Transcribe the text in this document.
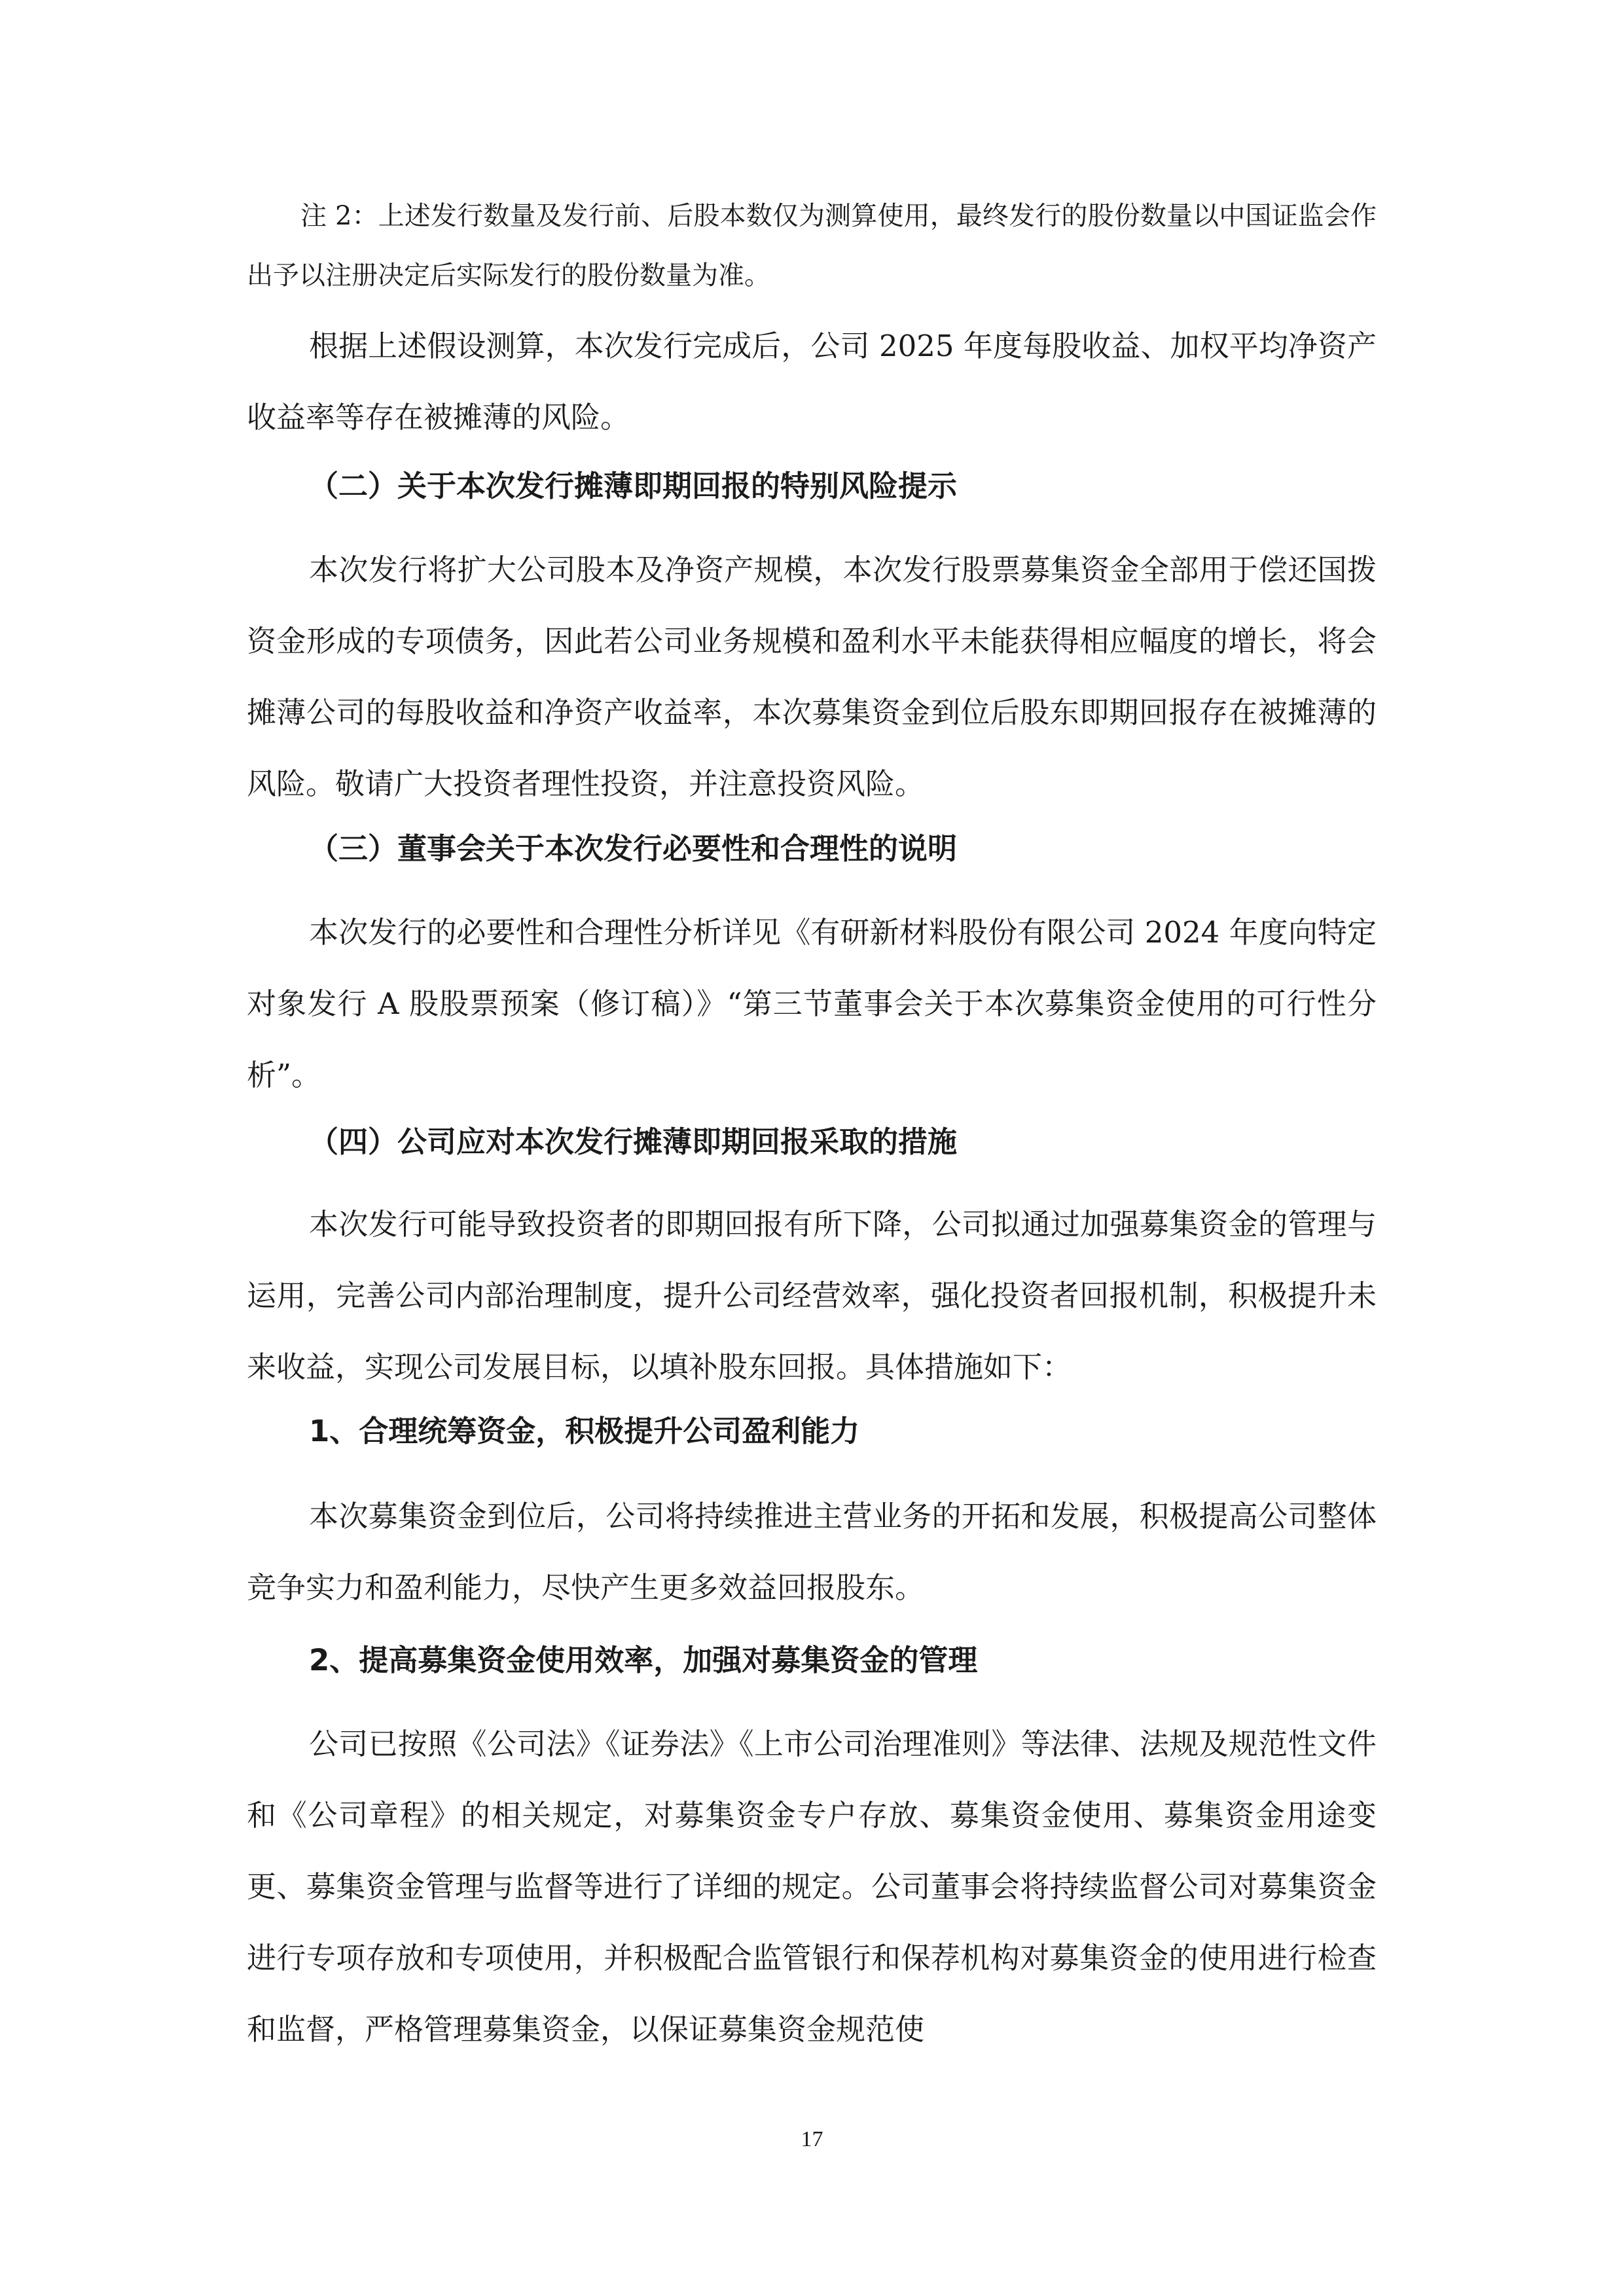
注 2：上述发行数量及发行前、后股本数仅为测算使用，最终发行的股份数量以中国证监会作出予以注册决定后实际发行的股份数量为准。
根据上述假设测算，本次发行完成后，公司 2025 年度每股收益、加权平均净资产收益率等存在被摊薄的风险。
（二）关于本次发行摊薄即期回报的特别风险提示
本次发行将扩大公司股本及净资产规模，本次发行股票募集资金全部用于偿还国拨资金形成的专项债务，因此若公司业务规模和盈利水平未能获得相应幅度的增长，将会摊薄公司的每股收益和净资产收益率，本次募集资金到位后股东即期回报存在被摊薄的风险。敬请广大投资者理性投资，并注意投资风险。
（三）董事会关于本次发行必要性和合理性的说明
本次发行的必要性和合理性分析详见《有研新材料股份有限公司 2024 年度向特定对象发行 A 股股票预案（修订稿）》“第三节董事会关于本次募集资金使用的可行性分析”。
（四）公司应对本次发行摊薄即期回报采取的措施
本次发行可能导致投资者的即期回报有所下降，公司拟通过加强募集资金的管理与运用，完善公司内部治理制度，提升公司经营效率，强化投资者回报机制，积极提升未来收益，实现公司发展目标，以填补股东回报。具体措施如下：
1、合理统筹资金，积极提升公司盈利能力
本次募集资金到位后，公司将持续推进主营业务的开拓和发展，积极提高公司整体竞争实力和盈利能力，尽快产生更多效益回报股东。
2、提高募集资金使用效率，加强对募集资金的管理
公司已按照《公司法》《证券法》《上市公司治理准则》等法律、法规及规范性文件和《公司章程》的相关规定，对募集资金专户存放、募集资金使用、募集资金用途变更、募集资金管理与监督等进行了详细的规定。公司董事会将持续监督公司对募集资金进行专项存放和专项使用，并积极配合监管银行和保荐机构对募集资金的使用进行检查和监督，严格管理募集资金，以保证募集资金规范使
17
